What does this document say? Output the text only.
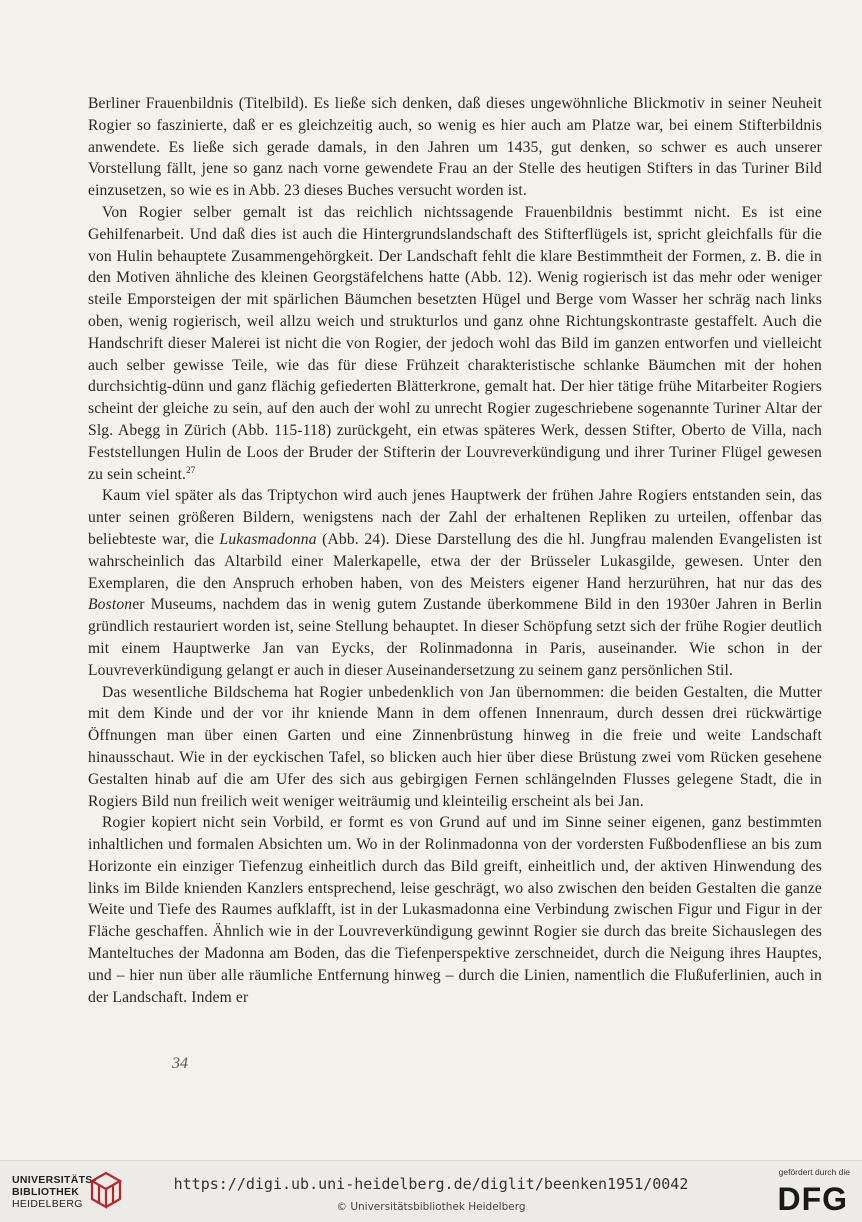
Berliner Frauenbildnis (Titelbild). Es ließe sich denken, daß dieses ungewöhnliche Blickmotiv in seiner Neuheit Rogier so faszinierte, daß er es gleichzeitig auch, so wenig es hier auch am Platze war, bei einem Stifterbildnis anwendete. Es ließe sich gerade damals, in den Jahren um 1435, gut denken, so schwer es auch unserer Vorstellung fällt, jene so ganz nach vorne gewendete Frau an der Stelle des heutigen Stifters in das Turiner Bild einzusetzen, so wie es in Abb. 23 dieses Buches versucht worden ist.

Von Rogier selber gemalt ist das reichlich nichtssagende Frauenbildnis bestimmt nicht. Es ist eine Gehilfenarbeit. Und daß dies ist auch die Hintergrundslandschaft des Stifterflügels ist, spricht gleichfalls für die von Hulin behauptete Zusammengehörgkeit. Der Landschaft fehlt die klare Bestimmtheit der Formen, z. B. die in den Motiven ähnliche des kleinen Georgstäfelchens hatte (Abb. 12). Wenig rogierisch ist das mehr oder weniger steile Emporsteigen der mit spärlichen Bäumchen besetzten Hügel und Berge vom Wasser her schräg nach links oben, wenig rogierisch, weil allzu weich und strukturlos und ganz ohne Richtungskontraste gestaffelt. Auch die Handschrift dieser Malerei ist nicht die von Rogier, der jedoch wohl das Bild im ganzen entworfen und vielleicht auch selber gewisse Teile, wie das für diese Frühzeit charakteristische schlanke Bäumchen mit der hohen durchsichtig-dünn und ganz flächig gefiederten Blätterkrone, gemalt hat. Der hier tätige frühe Mitarbeiter Rogiers scheint der gleiche zu sein, auf den auch der wohl zu unrecht Rogier zugeschriebene sogenannte Turiner Altar der Slg. Abegg in Zürich (Abb. 115-118) zurückgeht, ein etwas späteres Werk, dessen Stifter, Oberto de Villa, nach Feststellungen Hulin de Loos der Bruder der Stifterin der Louvreverkündigung und ihrer Turiner Flügel gewesen zu sein scheint.$^{27}$

Kaum viel später als das Triptychon wird auch jenes Hauptwerk der frühen Jahre Rogiers entstanden sein, das unter seinen größeren Bildern, wenigstens nach der Zahl der erhaltenen Repliken zu urteilen, offenbar das beliebteste war, die Lukasmadonna (Abb. 24). Diese Darstellung des die hl. Jungfrau malenden Evangelisten ist wahrscheinlich das Altarbild einer Malerkapelle, etwa der der Brüsseler Lukasgilde, gewesen. Unter den Exemplaren, die den Anspruch erhoben haben, von des Meisters eigener Hand herzurühren, hat nur das des Bostoner Museums, nachdem das in wenig gutem Zustande überkommene Bild in den 1930er Jahren in Berlin gründlich restauriert worden ist, seine Stellung behauptet. In dieser Schöpfung setzt sich der frühe Rogier deutlich mit einem Hauptwerke Jan van Eycks, der Rolinmadonna in Paris, auseinander. Wie schon in der Louvreverkündigung gelangt er auch in dieser Auseinandersetzung zu seinem ganz persönlichen Stil.

Das wesentliche Bildschema hat Rogier unbedenklich von Jan übernommen: die beiden Gestalten, die Mutter mit dem Kinde und der vor ihr kniende Mann in dem offenen Innenraum, durch dessen drei rückwärtige Öffnungen man über einen Garten und eine Zinnenbrüstung hinweg in die freie und weite Landschaft hinausschaut. Wie in der eyckischen Tafel, so blicken auch hier über diese Brüstung zwei vom Rücken gesehene Gestalten hinab auf die am Ufer des sich aus gebirgigen Fernen schlängelnden Flusses gelegene Stadt, die in Rogiers Bild nun freilich weit weniger weiträumig und kleinteilig erscheint als bei Jan.

Rogier kopiert nicht sein Vorbild, er formt es von Grund auf und im Sinne seiner eigenen, ganz bestimmten inhaltlichen und formalen Absichten um. Wo in der Rolinmadonna von der vordersten Fußbodenfliese an bis zum Horizonte ein einziger Tiefenzug einheitlich durch das Bild greift, einheitlich und, der aktiven Hinwendung des links im Bilde knienden Kanzlers entsprechend, leise geschrägt, wo also zwischen den beiden Gestalten die ganze Weite und Tiefe des Raumes aufklafft, ist in der Lukasmadonna eine Verbindung zwischen Figur und Figur in der Fläche geschaffen. Ähnlich wie in der Louvreverkündigung gewinnt Rogier sie durch das breite Sichauslegen des Manteltuches der Madonna am Boden, das die Tiefenperspektive zerschneidet, durch die Neigung ihres Hauptes, und – hier nun über alle räumliche Entfernung hinweg – durch die Linien, namentlich die Flußuferlinien, auch in der Landschaft. Indem er

34
UNIVERSITÄTS-
BIBLIOTHEK
HEIDELBERG
https://digi.ub.uni-heidelberg.de/diglit/beenken1951/0042
© Universitätsbibliothek Heidelberg
gefördert durch die
DFG
